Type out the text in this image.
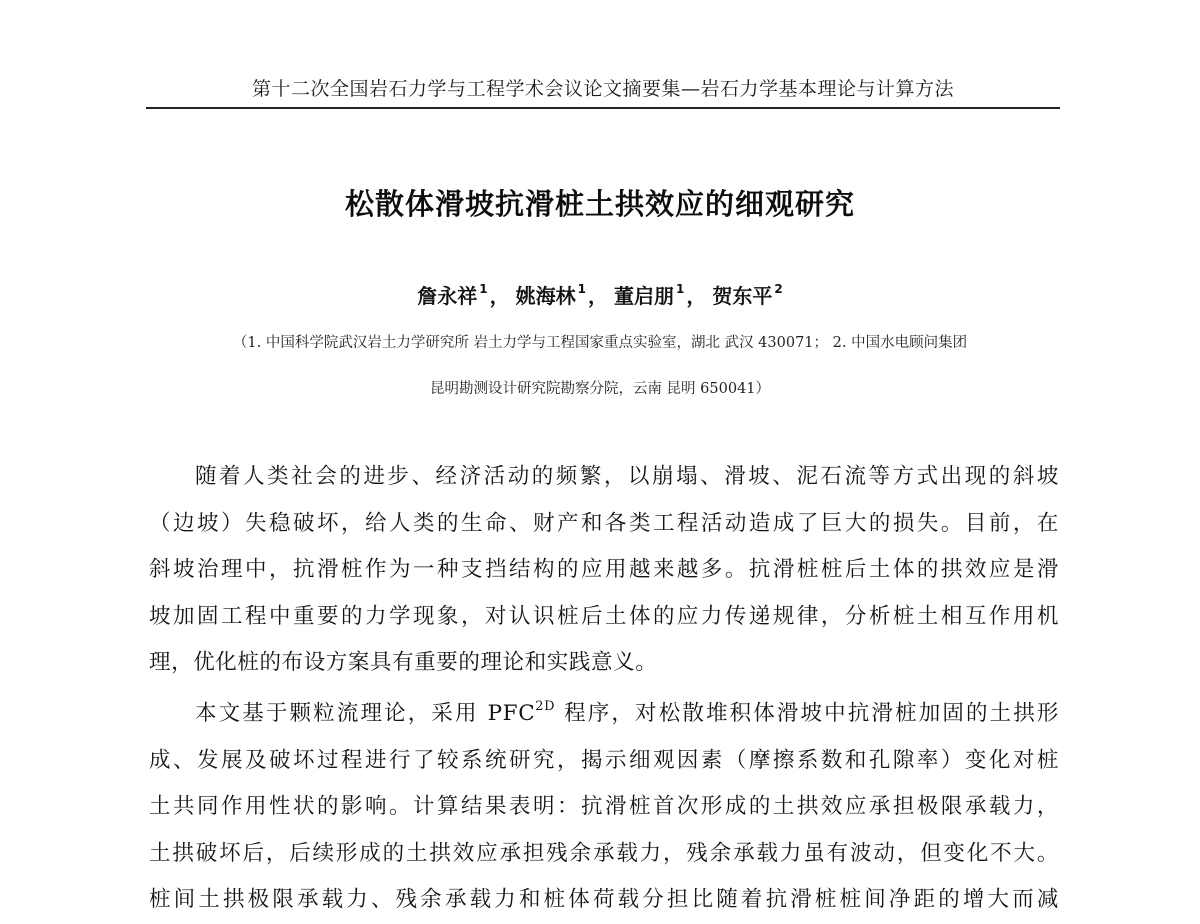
第十二次全国岩石力学与工程学术会议论文摘要集—岩石力学基本理论与计算方法
松散体滑坡抗滑桩土拱效应的细观研究
詹永祥 $^1$ ， 姚海林 $^1$ ， 董启朋 $^1$ ， 贺东平 $^2$
（1. 中国科学院武汉岩土力学研究所 岩土力学与工程国家重点实验室，湖北 武汉 430071； 2. 中国水电顾问集团
昆明勘测设计研究院勘察分院，云南 昆明 650041）
随着人类社会的进步、经济活动的频繁，以崩塌、滑坡、泥石流等方式出现的斜坡
（边坡）失稳破坏，给人类的生命、财产和各类工程活动造成了巨大的损失。目前，在
斜坡治理中，抗滑桩作为一种支挡结构的应用越来越多。抗滑桩桩后土体的拱效应是滑
坡加固工程中重要的力学现象，对认识桩后土体的应力传递规律，分析桩土相互作用机
理，优化桩的布设方案具有重要的理论和实践意义。
本文基于颗粒流理论，采用 $PFC^{2D}$ 程序，对松散堆积体滑坡中抗滑桩加固的土拱形
成、发展及破坏过程进行了较系统研究，揭示细观因素（摩擦系数和孔隙率）变化对桩
土共同作用性状的影响。计算结果表明：抗滑桩首次形成的土拱效应承担极限承载力，
土拱破坏后，后续形成的土拱效应承担残余承载力，残余承载力虽有波动，但变化不大。
桩间土拱极限承载力、残余承载力和桩体荷载分担比随着抗滑桩桩间净距的增大而减
